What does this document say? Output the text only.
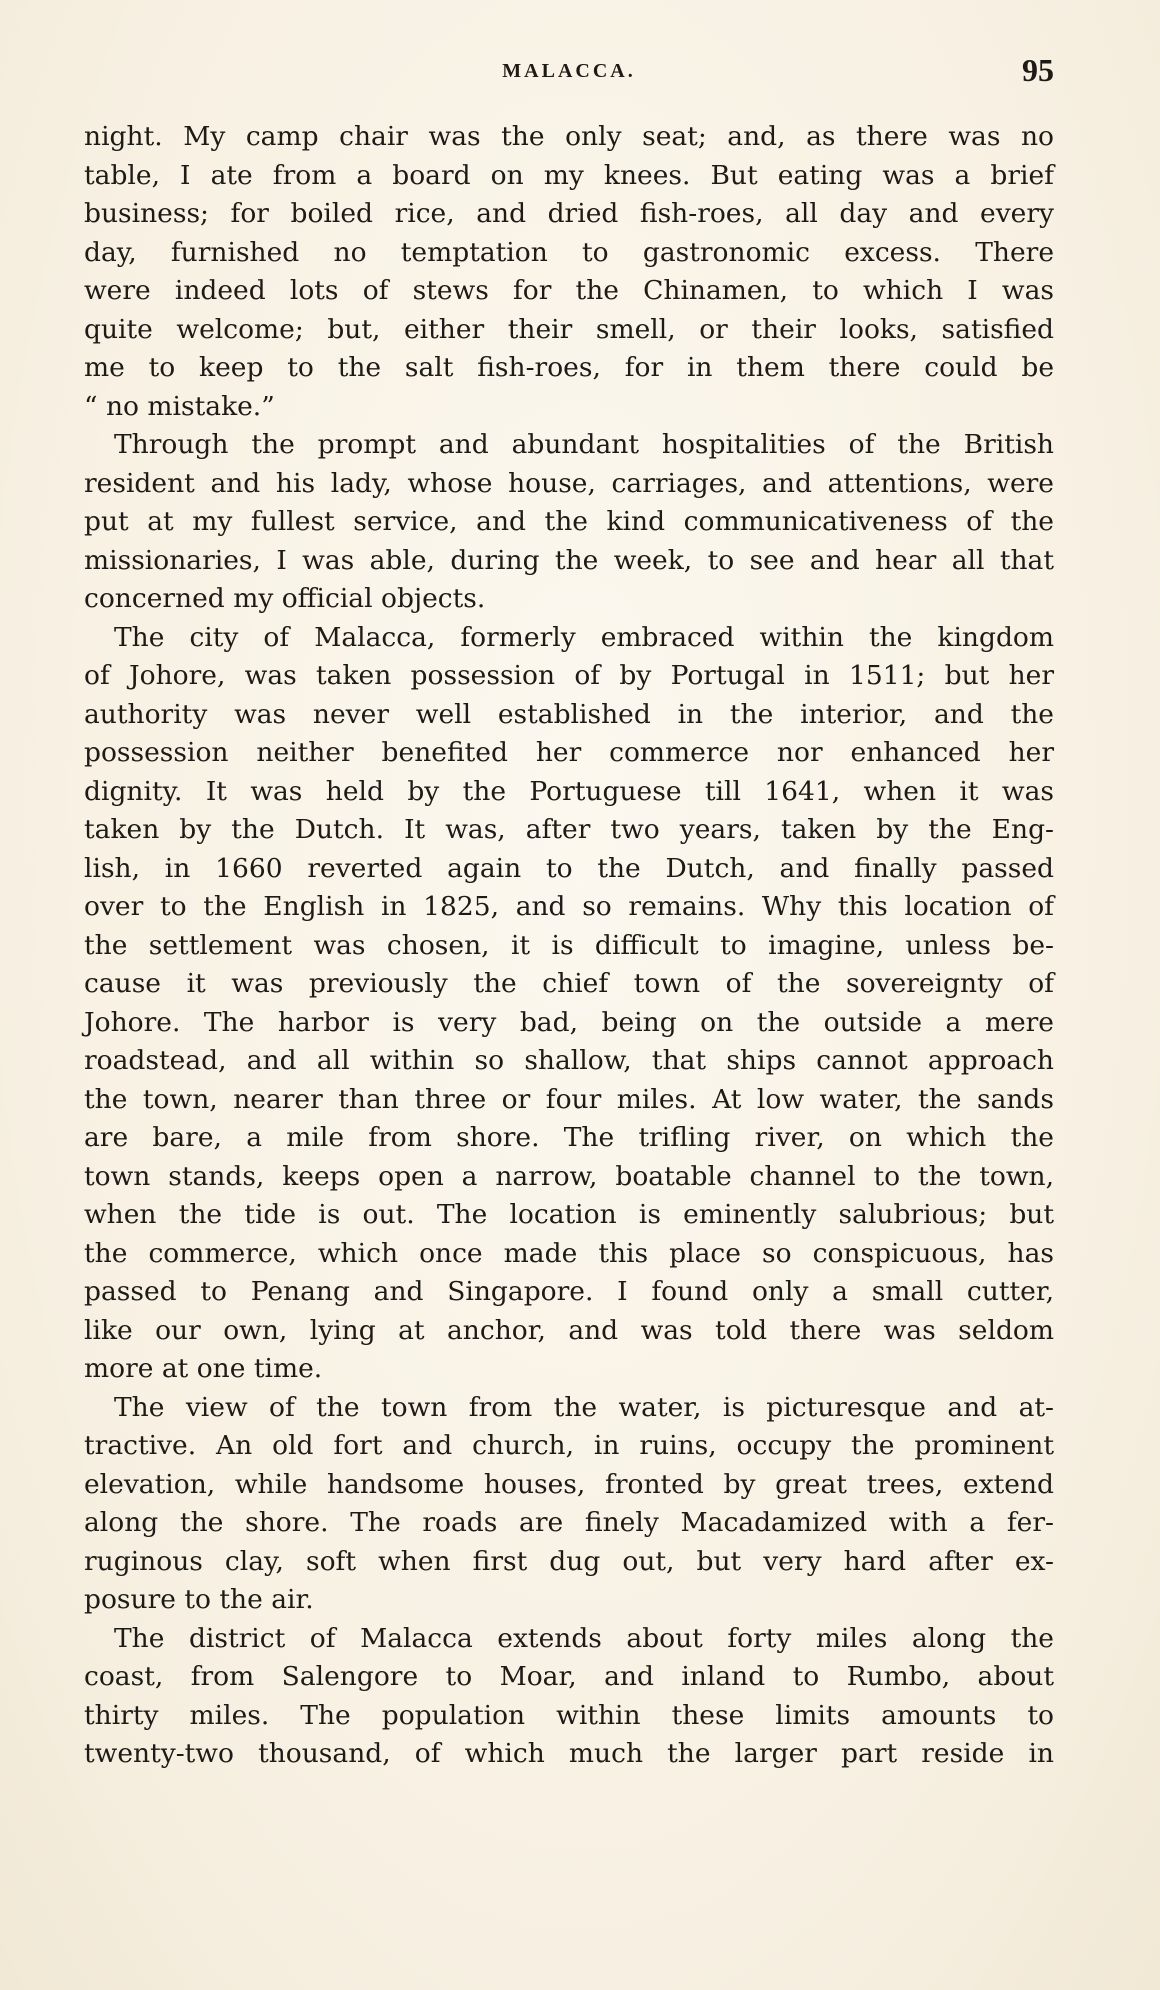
MALACCA.	95
night. My camp chair was the only seat; and, as there was no
table, I ate from a board on my knees. But eating was a brief
business; for boiled rice, and dried fish-roes, all day and every
day, furnished no temptation to gastronomic excess. There
were indeed lots of stews for the Chinamen, to which I was
quite welcome; but, either their smell, or their looks, satisfied
me to keep to the salt fish-roes, for in them there could be
“ no mistake.”
Through the prompt and abundant hospitalities of the British
resident and his lady, whose house, carriages, and attentions, were
put at my fullest service, and the kind communicativeness of the
missionaries, I was able, during the week, to see and hear all that
concerned my official objects.
The city of Malacca, formerly embraced within the kingdom
of Johore, was taken possession of by Portugal in 1511; but her
authority was never well established in the interior, and the
possession neither benefited her commerce nor enhanced her
dignity. It was held by the Portuguese till 1641, when it was
taken by the Dutch. It was, after two years, taken by the Eng-
lish, in 1660 reverted again to the Dutch, and finally passed
over to the English in 1825, and so remains. Why this location of
the settlement was chosen, it is difficult to imagine, unless be-
cause it was previously the chief town of the sovereignty of
Johore. The harbor is very bad, being on the outside a mere
roadstead, and all within so shallow, that ships cannot approach
the town, nearer than three or four miles. At low water, the sands
are bare, a mile from shore. The trifling river, on which the
town stands, keeps open a narrow, boatable channel to the town,
when the tide is out. The location is eminently salubrious; but
the commerce, which once made this place so conspicuous, has
passed to Penang and Singapore. I found only a small cutter,
like our own, lying at anchor, and was told there was seldom
more at one time.
The view of the town from the water, is picturesque and at-
tractive. An old fort and church, in ruins, occupy the prominent
elevation, while handsome houses, fronted by great trees, extend
along the shore. The roads are finely Macadamized with a fer-
ruginous clay, soft when first dug out, but very hard after ex-
posure to the air.
The district of Malacca extends about forty miles along the
coast, from Salengore to Moar, and inland to Rumbo, about
thirty miles. The population within these limits amounts to
twenty-two thousand, of which much the larger part reside in
